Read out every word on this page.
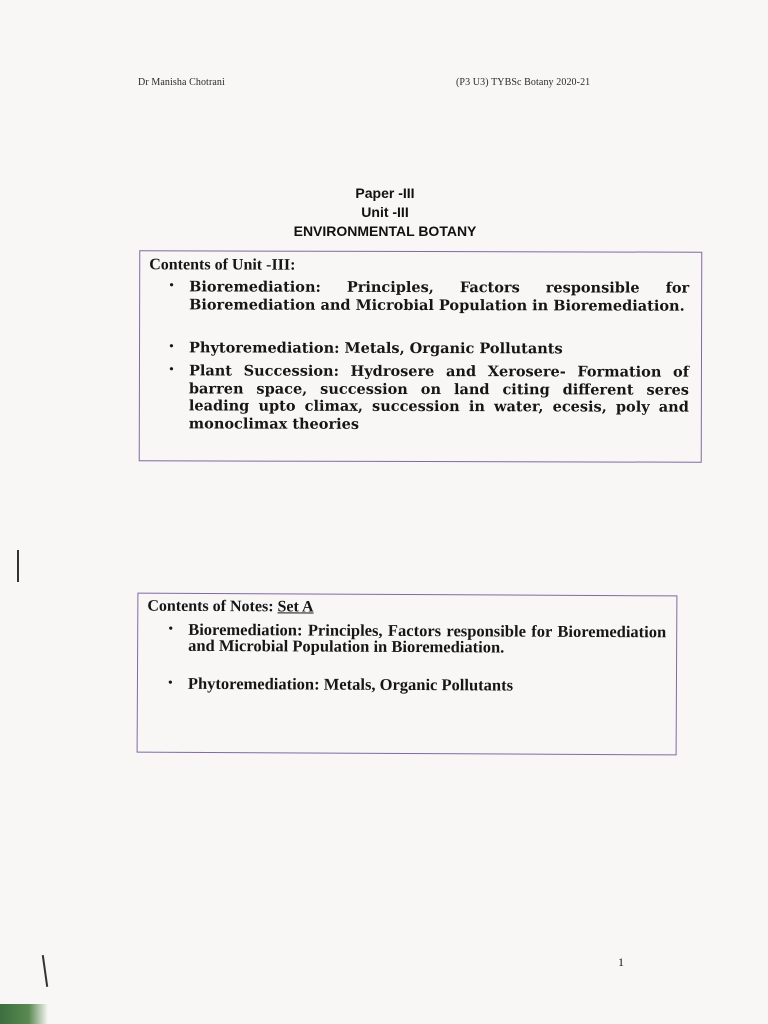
Dr Manisha Chotrani	(P3 U3) TYBSc Botany 2020-21
Paper -III
Unit -III
ENVIRONMENTAL BOTANY
Contents of Unit -III:
• Bioremediation: Principles, Factors responsible for Bioremediation and Microbial Population in Bioremediation.
• Phytoremediation: Metals, Organic Pollutants
• Plant Succession: Hydrosere and Xerosere- Formation of barren space, succession on land citing different seres leading upto climax, succession in water, ecesis, poly and monoclimax theories
Contents of Notes: Set A
• Bioremediation: Principles, Factors responsible for Bioremediation and Microbial Population in Bioremediation.
• Phytoremediation: Metals, Organic Pollutants
1
